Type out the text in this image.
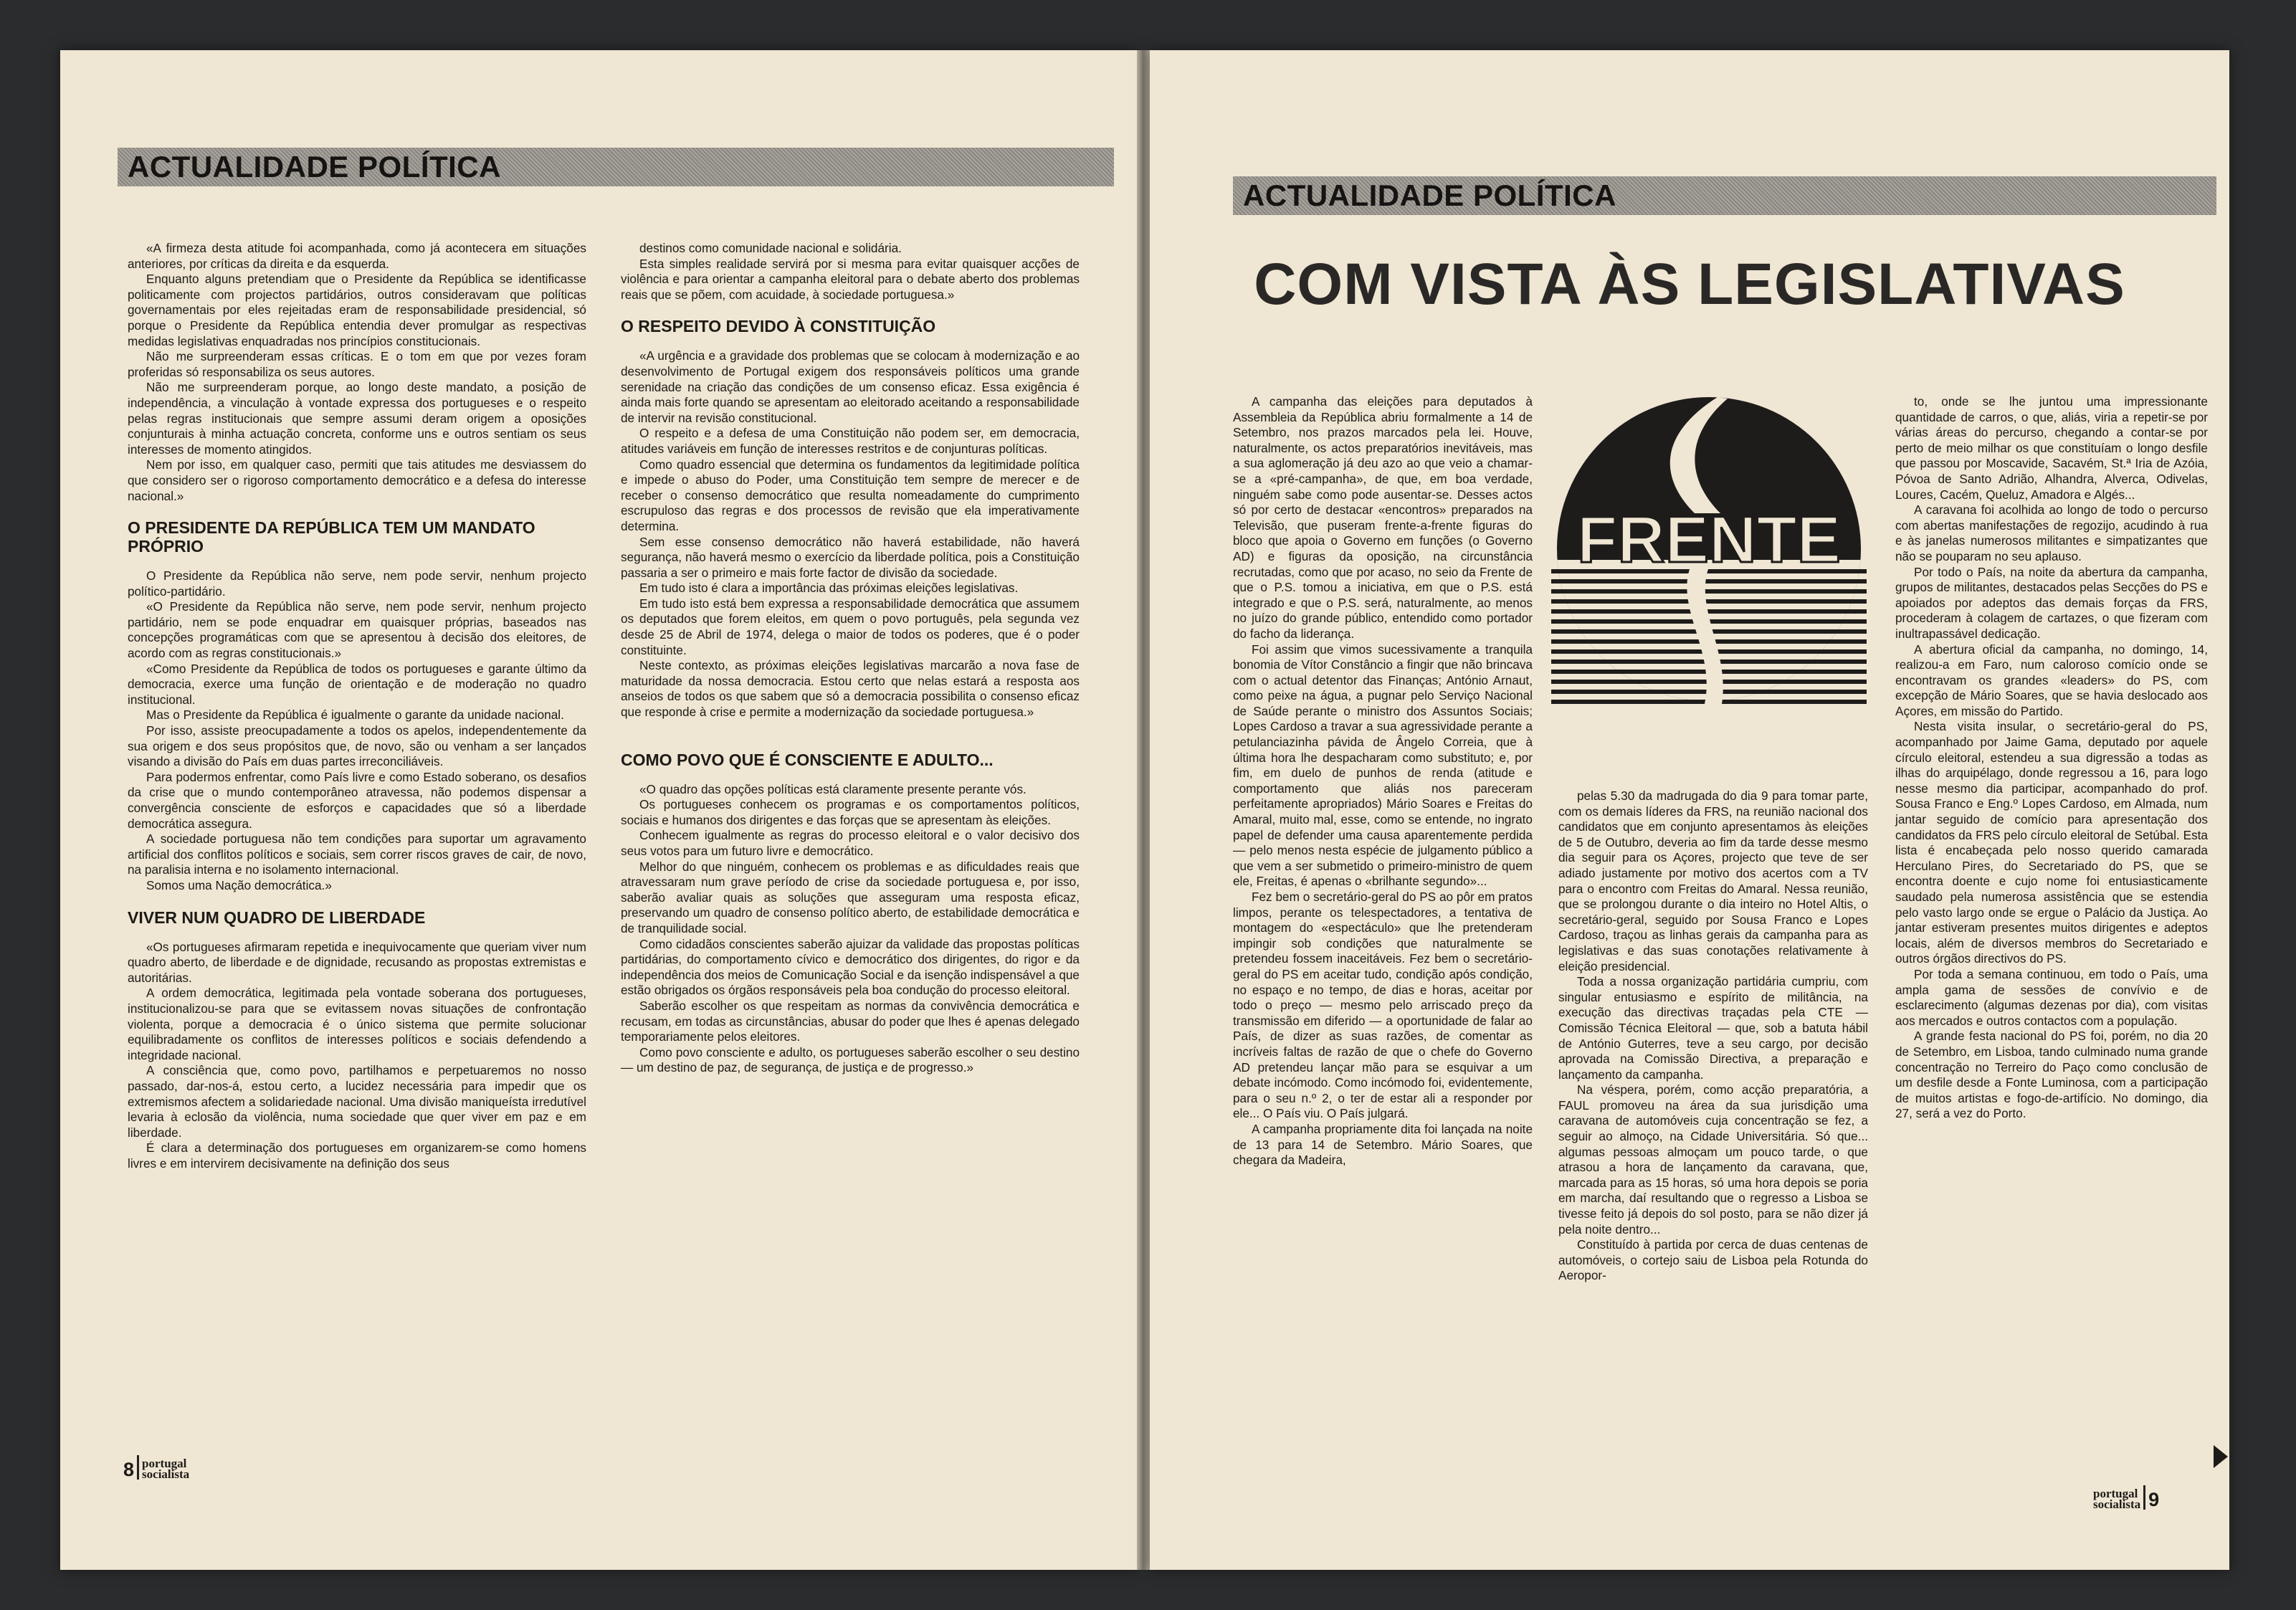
ACTUALIDADE POLÍTICA

«A firmeza desta atitude foi acompanhada, como já acontecera em situações anteriores, por críticas da direita e da esquerda.

Enquanto alguns pretendiam que o Presidente da República se identificasse politicamente com projectos partidários, outros consideravam que políticas governamentais por eles rejeitadas eram de responsabilidade presidencial, só porque o Presidente da República entendia dever promulgar as respectivas medidas legislativas enquadradas nos princípios constitucionais.

Não me surpreenderam essas críticas. E o tom em que por vezes foram proferidas só responsabiliza os seus autores.

Não me surpreenderam porque, ao longo deste mandato, a posição de independência, a vinculação à vontade expressa dos portugueses e o respeito pelas regras institucionais que sempre assumi deram origem a oposições conjunturais à minha actuação concreta, conforme uns e outros sentiam os seus interesses de momento atingidos.

Nem por isso, em qualquer caso, permiti que tais atitudes me desviassem do que considero ser o rigoroso comportamento democrático e a defesa do interesse nacional.»

O PRESIDENTE DA REPÚBLICA TEM UM MANDATO PRÓPRIO

O Presidente da República não serve, nem pode servir, nenhum projecto político-partidário.

«O Presidente da República não serve, nem pode servir, nenhum projecto partidário, nem se pode enquadrar em quaisquer próprias, baseados nas concepções programáticas com que se apresentou à decisão dos eleitores, de acordo com as regras constitucionais.»

«Como Presidente da República de todos os portugueses e garante último da democracia, exerce uma função de orientação e de moderação no quadro institucional.

Mas o Presidente da República é igualmente o garante da unidade nacional.

Por isso, assiste preocupadamente a todos os apelos, independentemente da sua origem e dos seus propósitos que, de novo, são ou venham a ser lançados visando a divisão do País em duas partes irreconciliáveis.

Para podermos enfrentar, como País livre e como Estado soberano, os desafios da crise que o mundo contemporâneo atravessa, não podemos dispensar a convergência consciente de esforços e capacidades que só a liberdade democrática assegura.

A sociedade portuguesa não tem condições para suportar um agravamento artificial dos conflitos políticos e sociais, sem correr riscos graves de cair, de novo, na paralisia interna e no isolamento internacional.

Somos uma Nação democrática.»

VIVER NUM QUADRO DE LIBERDADE

«Os portugueses afirmaram repetida e inequivocamente que queriam viver num quadro aberto, de liberdade e de dignidade, recusando as propostas extremistas e autoritárias.

A ordem democrática, legitimada pela vontade soberana dos portugueses, institucionalizou-se para que se evitassem novas situações de confrontação violenta, porque a democracia é o único sistema que permite solucionar equilibradamente os conflitos de interesses políticos e sociais defendendo a integridade nacional.

A consciência que, como povo, partilhamos e perpetuaremos no nosso passado, dar-nos-á, estou certo, a lucidez necessária para impedir que os extremismos afectem a solidariedade nacional. Uma divisão maniqueísta irredutível levaria à eclosão da violência, numa sociedade que quer viver em paz e em liberdade.

É clara a determinação dos portugueses em organizarem-se como homens livres e em intervirem decisivamente na definição dos seus

destinos como comunidade nacional e solidária.

Esta simples realidade servirá por si mesma para evitar quaisquer acções de violência e para orientar a campanha eleitoral para o debate aberto dos problemas reais que se põem, com acuidade, à sociedade portuguesa.»

O RESPEITO DEVIDO À CONSTITUIÇÃO

«A urgência e a gravidade dos problemas que se colocam à modernização e ao desenvolvimento de Portugal exigem dos responsáveis políticos uma grande serenidade na criação das condições de um consenso eficaz. Essa exigência é ainda mais forte quando se apresentam ao eleitorado aceitando a responsabilidade de intervir na revisão constitucional.

O respeito e a defesa de uma Constituição não podem ser, em democracia, atitudes variáveis em função de interesses restritos e de conjunturas políticas.

Como quadro essencial que determina os fundamentos da legitimidade política e impede o abuso do Poder, uma Constituição tem sempre de merecer e de receber o consenso democrático que resulta nomeadamente do cumprimento escrupuloso das regras e dos processos de revisão que ela imperativamente determina.

Sem esse consenso democrático não haverá estabilidade, não haverá segurança, não haverá mesmo o exercício da liberdade política, pois a Constituição passaria a ser o primeiro e mais forte factor de divisão da sociedade.

Em tudo isto é clara a importância das próximas eleições legislativas.

Em tudo isto está bem expressa a responsabilidade democrática que assumem os deputados que forem eleitos, em quem o povo português, pela segunda vez desde 25 de Abril de 1974, delega o maior de todos os poderes, que é o poder constituinte.

Neste contexto, as próximas eleições legislativas marcarão a nova fase de maturidade da nossa democracia. Estou certo que nelas estará a resposta aos anseios de todos os que sabem que só a democracia possibilita o consenso eficaz que responde à crise e permite a modernização da sociedade portuguesa.»

COMO POVO QUE É CONSCIENTE E ADULTO...

«O quadro das opções políticas está claramente presente perante vós.

Os portugueses conhecem os programas e os comportamentos políticos, sociais e humanos dos dirigentes e das forças que se apresentam às eleições.

Conhecem igualmente as regras do processo eleitoral e o valor decisivo dos seus votos para um futuro livre e democrático.

Melhor do que ninguém, conhecem os problemas e as dificuldades reais que atravessaram num grave período de crise da sociedade portuguesa e, por isso, saberão avaliar quais as soluções que asseguram uma resposta eficaz, preservando um quadro de consenso político aberto, de estabilidade democrática e de tranquilidade social.

Como cidadãos conscientes saberão ajuizar da validade das propostas políticas partidárias, do comportamento cívico e democrático dos dirigentes, do rigor e da independência dos meios de Comunicação Social e da isenção indispensável a que estão obrigados os órgãos responsáveis pela boa condução do processo eleitoral.

Saberão escolher os que respeitam as normas da convivência democrática e recusam, em todas as circunstâncias, abusar do poder que lhes é apenas delegado temporariamente pelos eleitores.

Como povo consciente e adulto, os portugueses saberão escolher o seu destino — um destino de paz, de segurança, de justiça e de progresso.»

8 portugal
socialista
ACTUALIDADE POLÍTICA
COM VISTA ÀS LEGISLATIVAS

A campanha das eleições para deputados à Assembleia da República abriu formalmente a 14 de Setembro, nos prazos marcados pela lei. Houve, naturalmente, os actos preparatórios inevitáveis, mas a sua aglomeração já deu azo ao que veio a chamar-se a «pré-campanha», de que, em boa verdade, ninguém sabe como pode ausentar-se. Desses actos só por certo de destacar «encontros» preparados na Televisão, que puseram frente-a-frente figuras do bloco que apoia o Governo em funções (o Governo AD) e figuras da oposição, na circunstância recrutadas, como que por acaso, no seio da Frente de que o P.S. tomou a iniciativa, em que o P.S. está integrado e que o P.S. será, naturalmente, ao menos no juízo do grande público, entendido como portador do facho da liderança.

Foi assim que vimos sucessivamente a tranquila bonomia de Vítor Constâncio a fingir que não brincava com o actual detentor das Finanças; António Arnaut, como peixe na água, a pugnar pelo Serviço Nacional de Saúde perante o ministro dos Assuntos Sociais; Lopes Cardoso a travar a sua agressividade perante a petulanciazinha pávida de Ângelo Correia, que à última hora lhe despacharam como substituto; e, por fim, em duelo de punhos de renda (atitude e comportamento que aliás nos pareceram perfeitamente apropriados) Mário Soares e Freitas do Amaral, muito mal, esse, como se entende, no ingrato papel de defender uma causa aparentemente perdida — pelo menos nesta espécie de julgamento público a que vem a ser submetido o primeiro-ministro de quem ele, Freitas, é apenas o «brilhante segundo»...

Fez bem o secretário-geral do PS ao pôr em pratos limpos, perante os telespectadores, a tentativa de montagem do «espectáculo» que lhe pretenderam impingir sob condições que naturalmente se pretendeu fossem inaceitáveis. Fez bem o secretário-geral do PS em aceitar tudo, condição após condição, no espaço e no tempo, de dias e horas, aceitar por todo o preço — mesmo pelo arriscado preço da transmissão em diferido — a oportunidade de falar ao País, de dizer as suas razões, de comentar as incríveis faltas de razão de que o chefe do Governo AD pretendeu lançar mão para se esquivar a um debate incómodo. Como incómodo foi, evidentemente, para o seu n.º 2, o ter de estar ali a responder por ele... O País viu. O País julgará.

A campanha propriamente dita foi lançada na noite de 13 para 14 de Setembro. Mário Soares, que chegara da Madeira,

pelas 5.30 da madrugada do dia 9 para tomar parte, com os demais líderes da FRS, na reunião nacional dos candidatos que em conjunto apresentamos às eleições de 5 de Outubro, deveria ao fim da tarde desse mesmo dia seguir para os Açores, projecto que teve de ser adiado justamente por motivo dos acertos com a TV para o encontro com Freitas do Amaral. Nessa reunião, que se prolongou durante o dia inteiro no Hotel Altis, o secretário-geral, seguido por Sousa Franco e Lopes Cardoso, traçou as linhas gerais da campanha para as legislativas e das suas conotações relativamente à eleição presidencial.

Toda a nossa organização partidária cumpriu, com singular entusiasmo e espírito de militância, na execução das directivas traçadas pela CTE — Comissão Técnica Eleitoral — que, sob a batuta hábil de António Guterres, teve a seu cargo, por decisão aprovada na Comissão Directiva, a preparação e lançamento da campanha.

Na véspera, porém, como acção preparatória, a FAUL promoveu na área da sua jurisdição uma caravana de automóveis cuja concentração se fez, a seguir ao almoço, na Cidade Universitária. Só que... algumas pessoas almoçam um pouco tarde, o que atrasou a hora de lançamento da caravana, que, marcada para as 15 horas, só uma hora depois se poria em marcha, daí resultando que o regresso a Lisboa se tivesse feito já depois do sol posto, para se não dizer já pela noite dentro...

Constituído à partida por cerca de duas centenas de automóveis, o cortejo saiu de Lisboa pela Rotunda do Aeropor-

to, onde se lhe juntou uma impressionante quantidade de carros, o que, aliás, viria a repetir-se por várias áreas do percurso, chegando a contar-se por perto de meio milhar os que constituíam o longo desfile que passou por Moscavide, Sacavém, St.ª Iria de Azóia, Póvoa de Santo Adrião, Alhandra, Alverca, Odivelas, Loures, Cacém, Queluz, Amadora e Algés...

A caravana foi acolhida ao longo de todo o percurso com abertas manifestações de regozijo, acudindo à rua e às janelas numerosos militantes e simpatizantes que não se pouparam no seu aplauso.

Por todo o País, na noite da abertura da campanha, grupos de militantes, destacados pelas Secções do PS e apoiados por adeptos das demais forças da FRS, procederam à colagem de cartazes, o que fizeram com inultrapassável dedicação.

A abertura oficial da campanha, no domingo, 14, realizou-a em Faro, num caloroso comício onde se encontravam os grandes «leaders» do PS, com excepção de Mário Soares, que se havia deslocado aos Açores, em missão do Partido.

Nesta visita insular, o secretário-geral do PS, acompanhado por Jaime Gama, deputado por aquele círculo eleitoral, estendeu a sua digressão a todas as ilhas do arquipélago, donde regressou a 16, para logo nesse mesmo dia participar, acompanhado do prof. Sousa Franco e Eng.º Lopes Cardoso, em Almada, num jantar seguido de comício para apresentação dos candidatos da FRS pelo círculo eleitoral de Setúbal. Esta lista é encabeçada pelo nosso querido camarada Herculano Pires, do Secretariado do PS, que se encontra doente e cujo nome foi entusiasticamente saudado pela numerosa assistência que se estendia pelo vasto largo onde se ergue o Palácio da Justiça. Ao jantar estiveram presentes muitos dirigentes e adeptos locais, além de diversos membros do Secretariado e outros órgãos directivos do PS.

Por toda a semana continuou, em todo o País, uma ampla gama de sessões de convívio e de esclarecimento (algumas dezenas por dia), com visitas aos mercados e outros contactos com a população.

A grande festa nacional do PS foi, porém, no dia 20 de Setembro, em Lisboa, tando culminado numa grande concentração no Terreiro do Paço como conclusão de um desfile desde a Fonte Luminosa, com a participação de muitos artistas e fogo-de-artifício. No domingo, dia 27, será a vez do Porto.

FRENTE
portugal
socialista 9
